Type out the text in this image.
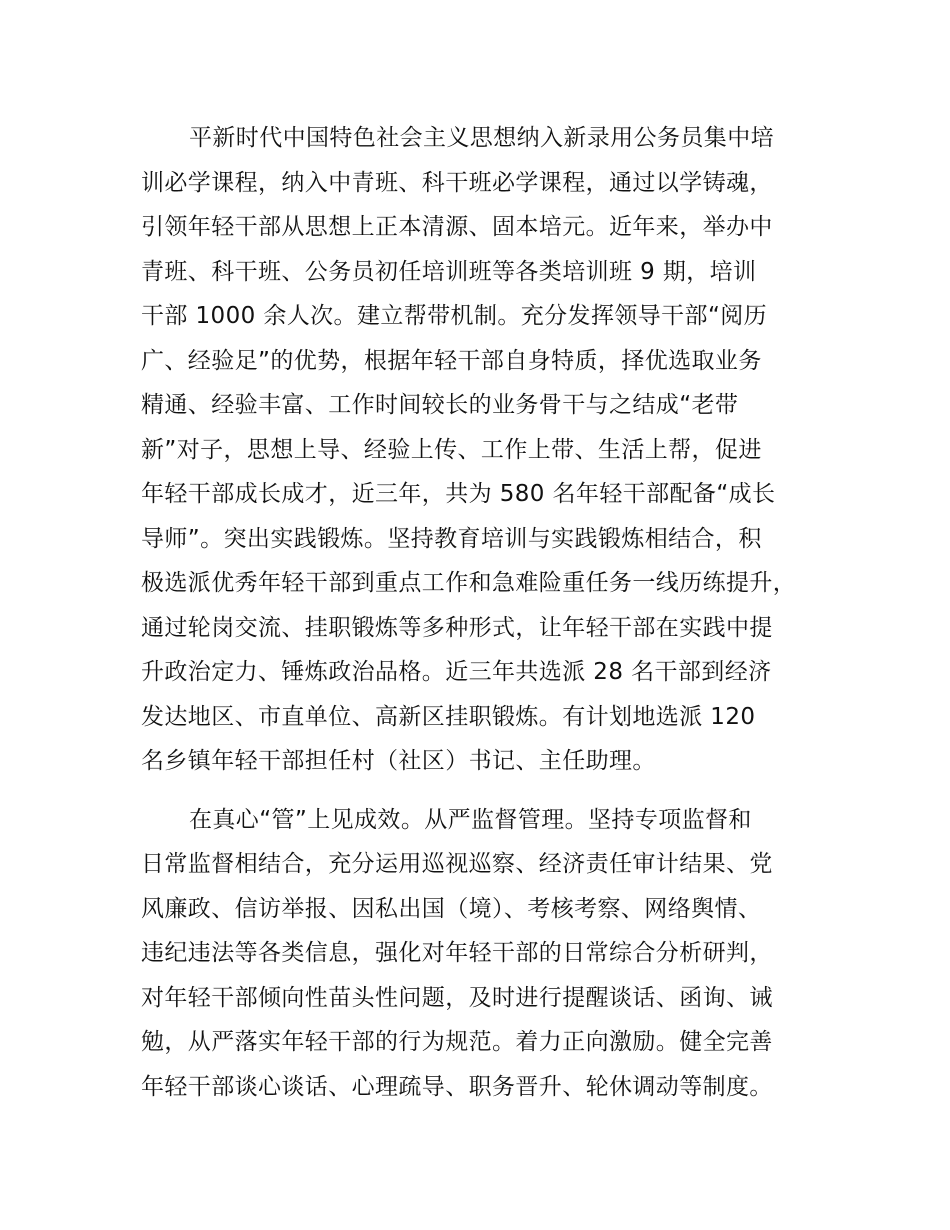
平新时代中国特色社会主义思想纳入新录用公务员集中培
训必学课程，纳入中青班、科干班必学课程，通过以学铸魂，
引领年轻干部从思想上正本清源、固本培元。近年来，举办中
青班、科干班、公务员初任培训班等各类培训班 9 期，培训
干部 1000 余人次。建立帮带机制。充分发挥领导干部“阅历
广、经验足”的优势，根据年轻干部自身特质，择优选取业务
精通、经验丰富、工作时间较长的业务骨干与之结成“老带
新”对子，思想上导、经验上传、工作上带、生活上帮，促进
年轻干部成长成才，近三年，共为 580 名年轻干部配备“成长
导师”。突出实践锻炼。坚持教育培训与实践锻炼相结合，积
极选派优秀年轻干部到重点工作和急难险重任务一线历练提升，
通过轮岗交流、挂职锻炼等多种形式，让年轻干部在实践中提
升政治定力、锤炼政治品格。近三年共选派 28 名干部到经济
发达地区、市直单位、高新区挂职锻炼。有计划地选派 120
名乡镇年轻干部担任村（社区）书记、主任助理。

在真心“管”上见成效。从严监督管理。坚持专项监督和
日常监督相结合，充分运用巡视巡察、经济责任审计结果、党
风廉政、信访举报、因私出国（境）、考核考察、网络舆情、
违纪违法等各类信息，强化对年轻干部的日常综合分析研判，
对年轻干部倾向性苗头性问题，及时进行提醒谈话、函询、诫
勉，从严落实年轻干部的行为规范。着力正向激励。健全完善
年轻干部谈心谈话、心理疏导、职务晋升、轮休调动等制度。
